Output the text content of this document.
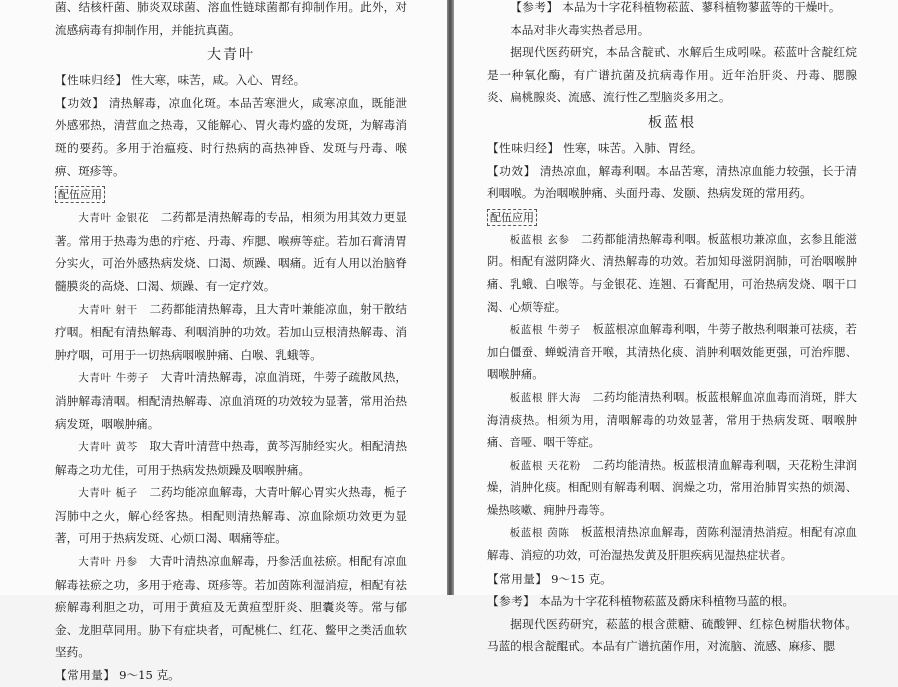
菌、结核杆菌、肺炎双球菌、溶血性链球菌都有抑制作用。此外，对流感病毒有抑制作用，并能抗真菌。

大青叶

【性味归经】 性大寒，味苦，咸。入心、胃经。

【功效】 清热解毒，凉血化斑。本品苦寒泄火，咸寒凉血，既能泄外感邪热，清营血之热毒，又能解心、胃火毒灼盛的发斑，为解毒消斑的要药。多用于治瘟疫、时行热病的高热神昏、发斑与丹毒、喉痹、斑疹等。

配伍应用

大青叶 金银花　 二药都是清热解毒的专品，相须为用其效力更显著。常用于热毒为患的疔疮、丹毒、痄腮、喉痹等症。若加石膏清胃分实火，可治外感热病发烧、口渴、烦躁、咽痛。近有人用以治脑脊髓膜炎的高烧、口渴、烦躁、有一定疗效。

大青叶 射干　 二药都能清热解毒，且大青叶兼能凉血，射干散结疗咽。相配有清热解毒、利咽消肿的功效。若加山豆根清热解毒、消肿疗咽，可用于一切热病咽喉肿痛、白喉、乳蛾等。

大青叶 牛蒡子　 大青叶清热解毒，凉血消斑，牛蒡子疏散风热，消肿解毒清咽。相配清热解毒、凉血消斑的功效较为显著，常用治热病发斑，咽喉肿痛。

大青叶 黄芩　 取大青叶清营中热毒，黄芩泻肺经实火。相配清热解毒之功尤佳，可用于热病发热烦躁及咽喉肿痛。

大青叶 栀子　 二药均能凉血解毒，大青叶解心胃实火热毒，栀子泻肺中之火，解心经客热。相配则清热解毒、凉血除烦功效更为显著，可用于热病发斑、心烦口渴、咽痛等症。

大青叶 丹参　 大青叶清热凉血解毒，丹参活血祛瘀。相配有凉血解毒祛瘀之功，多用于疮毒、斑疹等。若加茵陈利湿消痘，相配有祛瘀解毒利胆之功，可用于黄疸及无黄疸型肝炎、胆囊炎等。常与郁金、龙胆草同用。胁下有症块者，可配桃仁、红花、鳖甲之类活血软坚药。

【常用量】 9～15 克。

【参考】 本品为十字花科植物菘蓝、蓼科植物蓼蓝等的干燥叶。

本品对非火毒实热者忌用。

据现代医药研究，本品含靛甙、水解后生成吲哚。菘蓝叶含靛红烷是一种氧化酶，有广谱抗菌及抗病毒作用。近年治肝炎、丹毒、腮腺炎、扁桃腺炎、流感、流行性乙型脑炎多用之。

板蓝根

【性味归经】 性寒，味苦。入肺、胃经。

【功效】 清热凉血，解毒利咽。本品苦寒，清热凉血能力较强，长于清利咽喉。为治咽喉肿痛、头面丹毒、发颐、热病发斑的常用药。

配伍应用

板蓝根 玄参　 二药都能清热解毒利咽。板蓝根功兼凉血，玄参且能滋阴。相配有滋阴降火、清热解毒的功效。若加知母滋阴润肺，可治咽喉肿痛、乳蛾、白喉等。与金银花、连翘、石膏配用，可治热病发烧、咽干口渴、心烦等症。

板蓝根 牛蒡子　 板蓝根凉血解毒利咽，牛蒡子散热利咽兼可祛痰，若加白僵蚕、蝉蜕清音开喉，其清热化痰、消肿利咽效能更强，可治痄腮、咽喉肿痛。

板蓝根 胖大海　 二药均能清热利咽。板蓝根解血凉血毒而消斑，胖大海清痰热。相须为用，清咽解毒的功效显著，常用于热病发斑、咽喉肿痛、音哑、咽干等症。

板蓝根 天花粉　 二药均能清热。板蓝根清血解毒利咽，天花粉生津润燥，消肿化痰。相配则有解毒利咽、润燥之功，常用治肺胃实热的烦渴、燥热咳嗽、痈肿丹毒等。

板蓝根 茵陈　 板蓝根清热凉血解毒，茵陈利湿清热消痘。相配有凉血解毒、消痘的功效，可治湿热发黄及肝胆疾病见湿热症状者。

【常用量】 9～15 克。

【参考】 本品为十字花科植物菘蓝及爵床科植物马蓝的根。

据现代医药研究，菘蓝的根含蔗糖、硫酸钾、红棕色树脂状物体。马蓝的根含靛醌甙。本品有广谱抗菌作用，对流脑、流感、麻疹、腮
